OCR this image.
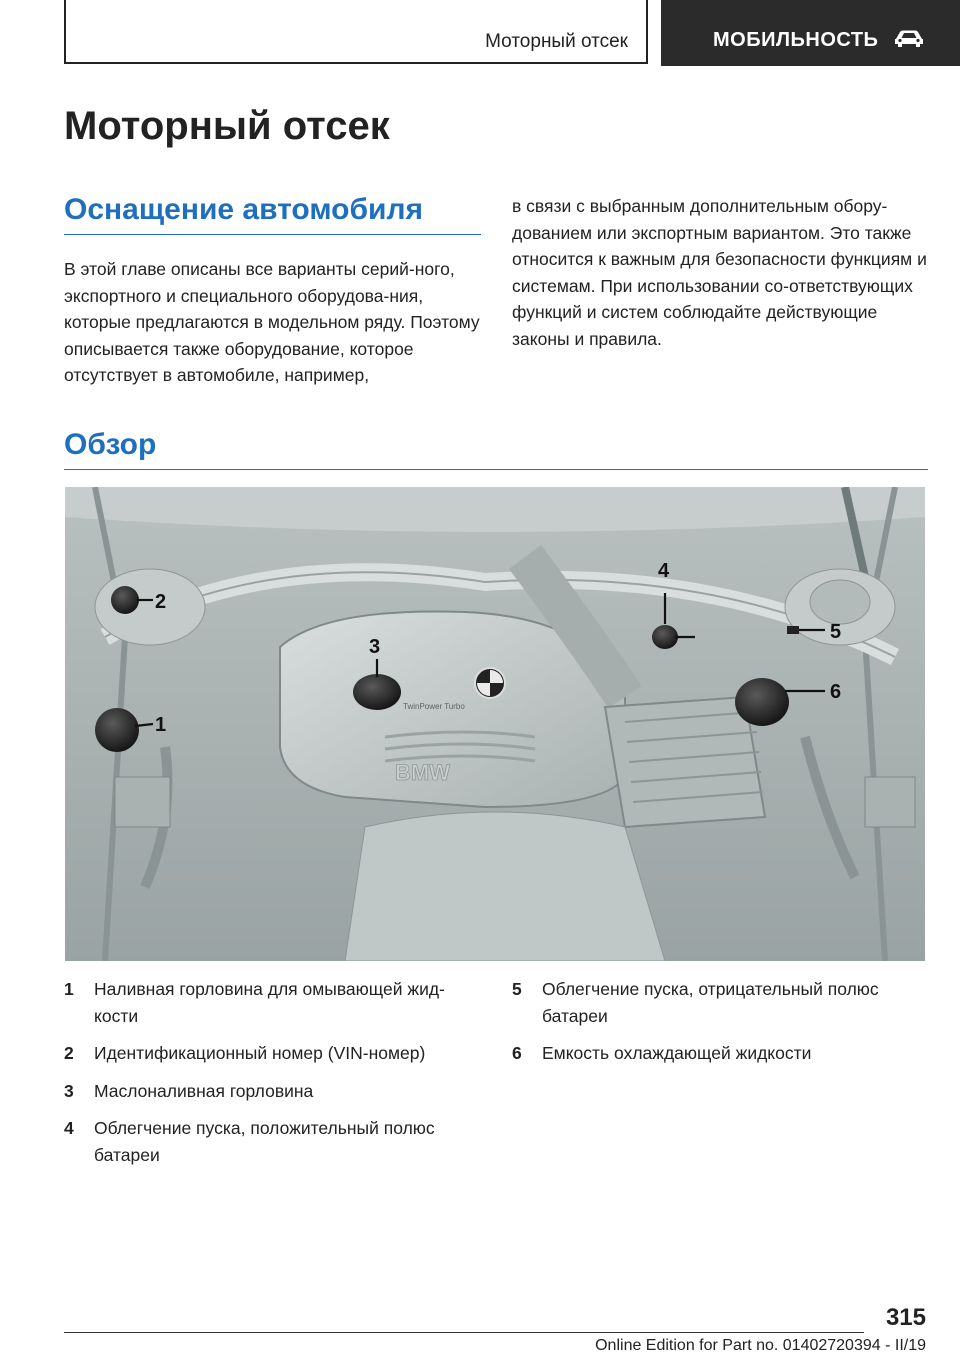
Моторный отсек	МОБИЛЬНОСТЬ
Моторный отсек
Оснащение автомобиля

В этой главе описаны все варианты серий-ного, экспортного и специального оборудова-ния, которые предлагаются в модельном ряду. Поэтому описывается также оборудование, которое отсутствует в автомобиле, например,

в связи с выбранным дополнительным обору-дованием или экспортным вариантом. Это также относится к важным для безопасности функциям и системам. При использовании со-ответствующих функций и систем соблюдайте действующие законы и правила.

Обзор
BMW
TwinPower Turbo
1
2
3
4
5
6
1 Наливная горловина для омывающей жид-кости
2 Идентификационный номер (VIN-номер)
3 Маслоналивная горловина
4 Облегчение пуска, положительный полюс батареи
5 Облегчение пуска, отрицательный полюс батареи
6 Емкость охлаждающей жидкости
315
Online Edition for Part no. 01402720394 - II/19
